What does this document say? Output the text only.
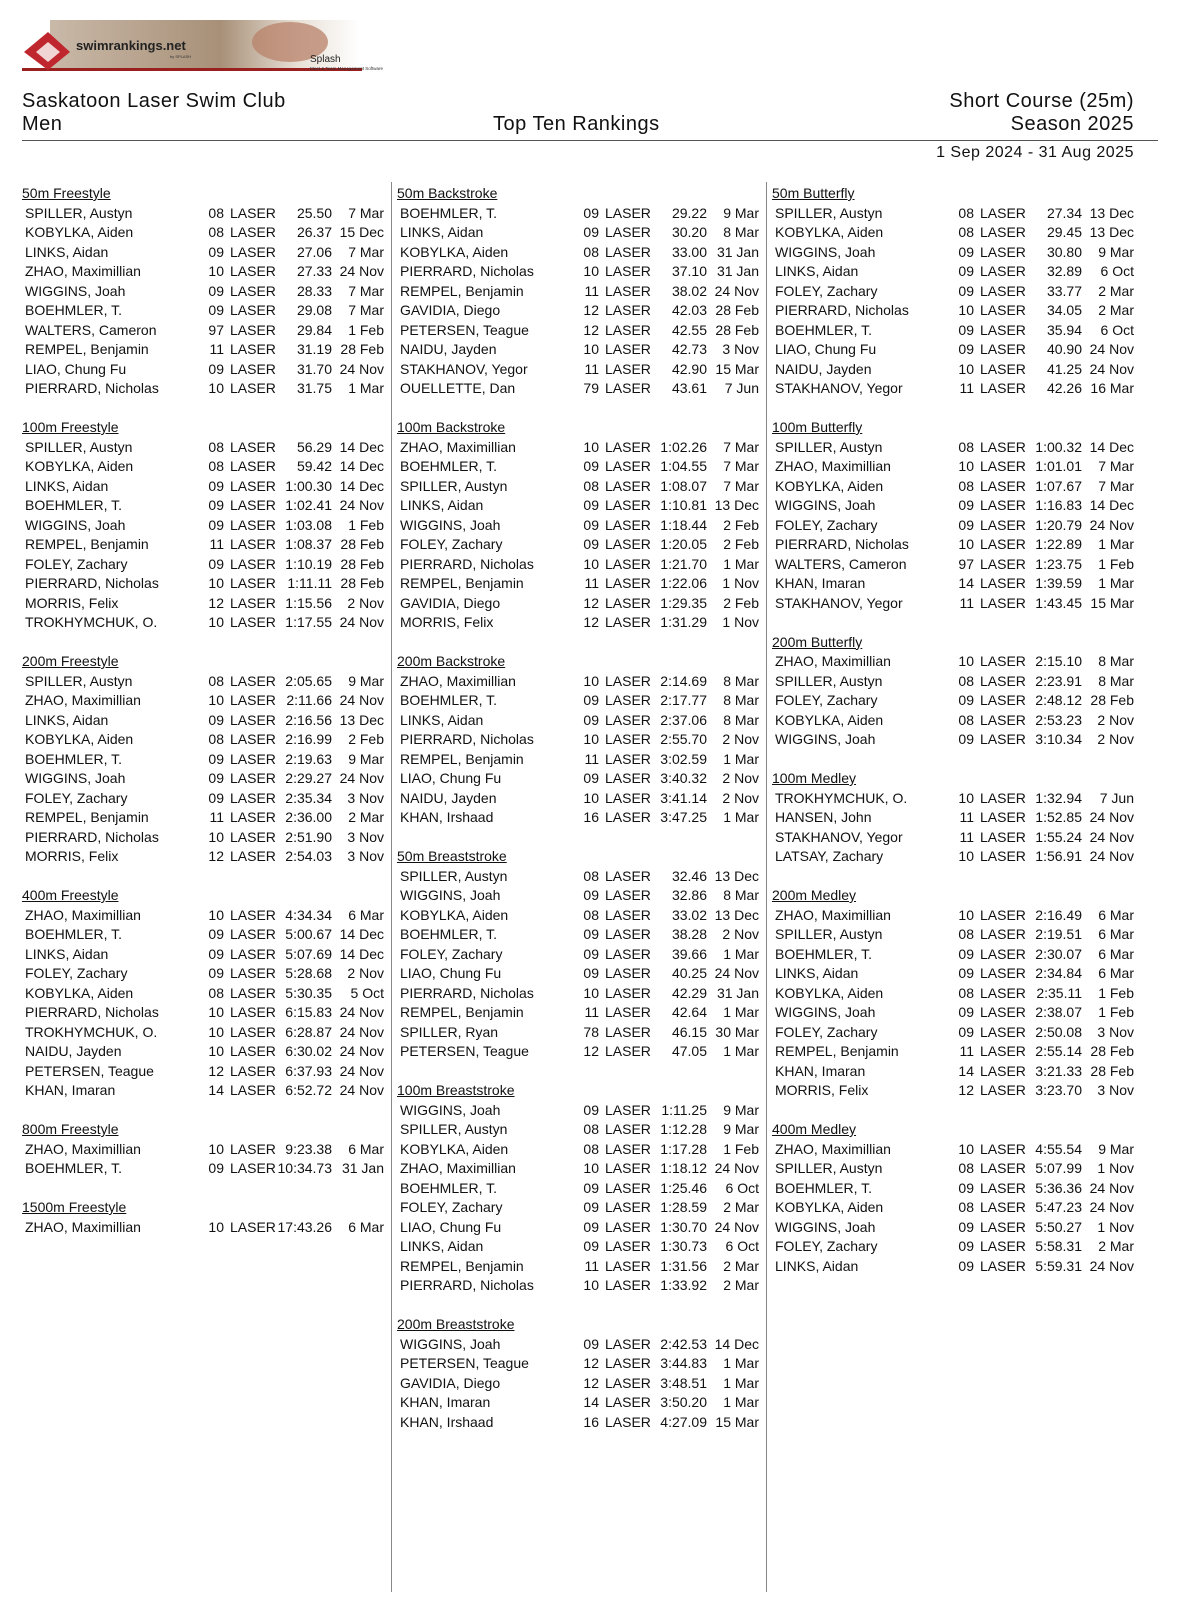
swimrankings.net
by SPLASH	Splash
Meet & Team Management Software
Saskatoon Laser Swim Club
Men	Top Ten Rankings
Short Course (25m)
Season 2025
1 Sep 2024 - 31 Aug 2025
50m Freestyle
SPILLER, Austyn	08 LASER	25.50	7 Mar
KOBYLKA, Aiden	08 LASER	26.37 15 Dec
LINKS, Aidan	09 LASER	27.06	7 Mar
ZHAO, Maximillian	10 LASER	27.33 24 Nov
WIGGINS, Joah	09 LASER	28.33	7 Mar
BOEHMLER, T.	09 LASER	29.08	7 Mar
WALTERS, Cameron	97 LASER	29.84	1 Feb
REMPEL, Benjamin	11 LASER	31.19 28 Feb
LIAO, Chung Fu	09 LASER	31.70 24 Nov
PIERRARD, Nicholas	10 LASER	31.75	1 Mar
100m Freestyle
SPILLER, Austyn	08 LASER	56.29 14 Dec
KOBYLKA, Aiden	08 LASER	59.42 14 Dec
LINKS, Aidan	09 LASER 1:00.30 14 Dec
BOEHMLER, T.	09 LASER 1:02.41 24 Nov
WIGGINS, Joah	09 LASER 1:03.08	1 Feb
REMPEL, Benjamin	11 LASER 1:08.37 28 Feb
FOLEY, Zachary	09 LASER 1:10.19 28 Feb
PIERRARD, Nicholas	10 LASER 1:11.11 28 Feb
MORRIS, Felix	12 LASER 1:15.56	2 Nov
TROKHYMCHUK, O.	10 LASER 1:17.55 24 Nov
200m Freestyle
SPILLER, Austyn	08 LASER 2:05.65	9 Mar
ZHAO, Maximillian	10 LASER 2:11.66 24 Nov
LINKS, Aidan	09 LASER 2:16.56 13 Dec
KOBYLKA, Aiden	08 LASER 2:16.99	2 Feb
BOEHMLER, T.	09 LASER 2:19.63	9 Mar
WIGGINS, Joah	09 LASER 2:29.27 24 Nov
FOLEY, Zachary	09 LASER 2:35.34	3 Nov
REMPEL, Benjamin	11 LASER 2:36.00	2 Mar
PIERRARD, Nicholas	10 LASER 2:51.90	3 Nov
MORRIS, Felix	12 LASER 2:54.03	3 Nov
400m Freestyle
ZHAO, Maximillian	10 LASER 4:34.34	6 Mar
BOEHMLER, T.	09 LASER 5:00.67 14 Dec
LINKS, Aidan	09 LASER 5:07.69 14 Dec
FOLEY, Zachary	09 LASER 5:28.68	2 Nov
KOBYLKA, Aiden	08 LASER 5:30.35	5 Oct
PIERRARD, Nicholas	10 LASER 6:15.83 24 Nov
TROKHYMCHUK, O.	10 LASER 6:28.87 24 Nov
NAIDU, Jayden	10 LASER 6:30.02 24 Nov
PETERSEN, Teague	12 LASER 6:37.93 24 Nov
KHAN, Imaran	14 LASER 6:52.72 24 Nov
800m Freestyle
ZHAO, Maximillian	10 LASER 9:23.38	6 Mar
BOEHMLER, T.	09 LASER 10:34.73 31 Jan
1500m Freestyle
ZHAO, Maximillian	10 LASER 17:43.26	6 Mar
50m Backstroke
BOEHMLER, T.	09 LASER	29.22	9 Mar
LINKS, Aidan	09 LASER	30.20	8 Mar
KOBYLKA, Aiden	08 LASER	33.00 31 Jan
PIERRARD, Nicholas	10 LASER	37.10 31 Jan
REMPEL, Benjamin	11 LASER	38.02 24 Nov
GAVIDIA, Diego	12 LASER	42.03 28 Feb
PETERSEN, Teague	12 LASER	42.55 28 Feb
NAIDU, Jayden	10 LASER	42.73	3 Nov
STAKHANOV, Yegor	11 LASER	42.90 15 Mar
OUELLETTE, Dan	79 LASER	43.61	7 Jun
100m Backstroke
ZHAO, Maximillian	10 LASER 1:02.26	7 Mar
BOEHMLER, T.	09 LASER 1:04.55	7 Mar
SPILLER, Austyn	08 LASER 1:08.07	7 Mar
LINKS, Aidan	09 LASER 1:10.81 13 Dec
WIGGINS, Joah	09 LASER 1:18.44	2 Feb
FOLEY, Zachary	09 LASER 1:20.05	2 Feb
PIERRARD, Nicholas	10 LASER 1:21.70	1 Mar
REMPEL, Benjamin	11 LASER 1:22.06	1 Nov
GAVIDIA, Diego	12 LASER 1:29.35	2 Feb
MORRIS, Felix	12 LASER 1:31.29	1 Nov
200m Backstroke
ZHAO, Maximillian	10 LASER 2:14.69	8 Mar
BOEHMLER, T.	09 LASER 2:17.77	8 Mar
LINKS, Aidan	09 LASER 2:37.06	8 Mar
PIERRARD, Nicholas	10 LASER 2:55.70	2 Nov
REMPEL, Benjamin	11 LASER 3:02.59	1 Mar
LIAO, Chung Fu	09 LASER 3:40.32	2 Nov
NAIDU, Jayden	10 LASER 3:41.14	2 Nov
KHAN, Irshaad	16 LASER 3:47.25	1 Mar
50m Breaststroke
SPILLER, Austyn	08 LASER	32.46 13 Dec
WIGGINS, Joah	09 LASER	32.86	8 Mar
KOBYLKA, Aiden	08 LASER	33.02 13 Dec
BOEHMLER, T.	09 LASER	38.28	2 Nov
FOLEY, Zachary	09 LASER	39.66	1 Mar
LIAO, Chung Fu	09 LASER	40.25 24 Nov
PIERRARD, Nicholas	10 LASER	42.29 31 Jan
REMPEL, Benjamin	11 LASER	42.64	1 Mar
SPILLER, Ryan	78 LASER	46.15 30 Mar
PETERSEN, Teague	12 LASER	47.05	1 Mar
100m Breaststroke
WIGGINS, Joah	09 LASER 1:11.25	9 Mar
SPILLER, Austyn	08 LASER 1:12.28	9 Mar
KOBYLKA, Aiden	08 LASER 1:17.28	1 Feb
ZHAO, Maximillian	10 LASER 1:18.12 24 Nov
BOEHMLER, T.	09 LASER 1:25.46	6 Oct
FOLEY, Zachary	09 LASER 1:28.59	2 Mar
LIAO, Chung Fu	09 LASER 1:30.70 24 Nov
LINKS, Aidan	09 LASER 1:30.73	6 Oct
REMPEL, Benjamin	11 LASER 1:31.56	2 Mar
PIERRARD, Nicholas	10 LASER 1:33.92	2 Mar
200m Breaststroke
WIGGINS, Joah	09 LASER 2:42.53 14 Dec
PETERSEN, Teague	12 LASER 3:44.83	1 Mar
GAVIDIA, Diego	12 LASER 3:48.51	1 Mar
KHAN, Imaran	14 LASER 3:50.20	1 Mar
KHAN, Irshaad	16 LASER 4:27.09 15 Mar
50m Butterfly
SPILLER, Austyn	08 LASER	27.34 13 Dec
KOBYLKA, Aiden	08 LASER	29.45 13 Dec
WIGGINS, Joah	09 LASER	30.80	9 Mar
LINKS, Aidan	09 LASER	32.89	6 Oct
FOLEY, Zachary	09 LASER	33.77	2 Mar
PIERRARD, Nicholas	10 LASER	34.05	2 Mar
BOEHMLER, T.	09 LASER	35.94	6 Oct
LIAO, Chung Fu	09 LASER	40.90 24 Nov
NAIDU, Jayden	10 LASER	41.25 24 Nov
STAKHANOV, Yegor	11 LASER	42.26 16 Mar
100m Butterfly
SPILLER, Austyn	08 LASER 1:00.32 14 Dec
ZHAO, Maximillian	10 LASER 1:01.01	7 Mar
KOBYLKA, Aiden	08 LASER 1:07.67	7 Mar
WIGGINS, Joah	09 LASER 1:16.83 14 Dec
FOLEY, Zachary	09 LASER 1:20.79 24 Nov
PIERRARD, Nicholas	10 LASER 1:22.89	1 Mar
WALTERS, Cameron	97 LASER 1:23.75	1 Feb
KHAN, Imaran	14 LASER 1:39.59	1 Mar
STAKHANOV, Yegor	11 LASER 1:43.45 15 Mar
200m Butterfly
ZHAO, Maximillian	10 LASER 2:15.10	8 Mar
SPILLER, Austyn	08 LASER 2:23.91	8 Mar
FOLEY, Zachary	09 LASER 2:48.12 28 Feb
KOBYLKA, Aiden	08 LASER 2:53.23	2 Nov
WIGGINS, Joah	09 LASER 3:10.34	2 Nov
100m Medley
TROKHYMCHUK, O.	10 LASER 1:32.94	7 Jun
HANSEN, John	11 LASER 1:52.85 24 Nov
STAKHANOV, Yegor	11 LASER 1:55.24 24 Nov
LATSAY, Zachary	10 LASER 1:56.91 24 Nov
200m Medley
ZHAO, Maximillian	10 LASER 2:16.49	6 Mar
SPILLER, Austyn	08 LASER 2:19.51	6 Mar
BOEHMLER, T.	09 LASER 2:30.07	6 Mar
LINKS, Aidan	09 LASER 2:34.84	6 Mar
KOBYLKA, Aiden	08 LASER 2:35.11	1 Feb
WIGGINS, Joah	09 LASER 2:38.07	1 Feb
FOLEY, Zachary	09 LASER 2:50.08	3 Nov
REMPEL, Benjamin	11 LASER 2:55.14 28 Feb
KHAN, Imaran	14 LASER 3:21.33 28 Feb
MORRIS, Felix	12 LASER 3:23.70	3 Nov
400m Medley
ZHAO, Maximillian	10 LASER 4:55.54	9 Mar
SPILLER, Austyn	08 LASER 5:07.99	1 Nov
BOEHMLER, T.	09 LASER 5:36.36 24 Nov
KOBYLKA, Aiden	08 LASER 5:47.23 24 Nov
WIGGINS, Joah	09 LASER 5:50.27	1 Nov
FOLEY, Zachary	09 LASER 5:58.31	2 Mar
LINKS, Aidan	09 LASER 5:59.31 24 Nov
